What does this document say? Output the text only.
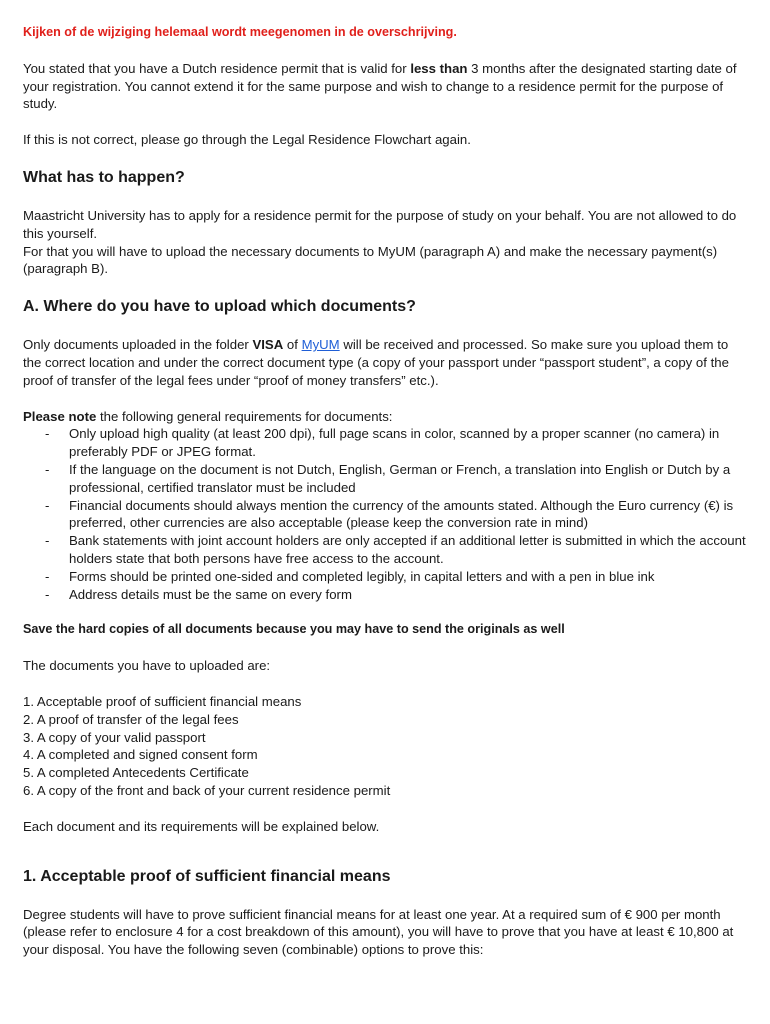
Kijken of de wijziging helemaal wordt meegenomen in de overschrijving.

You stated that you have a Dutch residence permit that is valid for less than 3 months after the designated starting date of your registration. You cannot extend it for the same purpose and wish to change to a residence permit for the purpose of study.

If this is not correct, please go through the Legal Residence Flowchart again.

What has to happen?

Maastricht University has to apply for a residence permit for the purpose of study on your behalf. You are not allowed to do this yourself.

For that you will have to upload the necessary documents to MyUM (paragraph A) and make the necessary payment(s) (paragraph B).

A. Where do you have to upload which documents?

Only documents uploaded in the folder VISA of MyUM will be received and processed. So make sure you upload them to the correct location and under the correct document type (a copy of your passport under “passport student”, a copy of the proof of transfer of the legal fees under “proof of money transfers” etc.).

Please note the following general requirements for documents:

- Only upload high quality (at least 200 dpi), full page scans in color, scanned by a proper scanner (no camera) in preferably PDF or JPEG format.
- If the language on the document is not Dutch, English, German or French, a translation into English or Dutch by a professional, certified translator must be included
- Financial documents should always mention the currency of the amounts stated. Although the Euro currency (€) is preferred, other currencies are also acceptable (please keep the conversion rate in mind)
- Bank statements with joint account holders are only accepted if an additional letter is submitted in which the account holders state that both persons have free access to the account.
- Forms should be printed one-sided and completed legibly, in capital letters and with a pen in blue ink
- Address details must be the same on every form

Save the hard copies of all documents because you may have to send the originals as well

The documents you have to uploaded are:

1. Acceptable proof of sufficient financial means
2. A proof of transfer of the legal fees
3. A copy of your valid passport
4. A completed and signed consent form
5. A completed Antecedents Certificate
6. A copy of the front and back of your current residence permit

Each document and its requirements will be explained below.

1. Acceptable proof of sufficient financial means

Degree students will have to prove sufficient financial means for at least one year. At a required sum of € 900 per month (please refer to enclosure 4 for a cost breakdown of this amount), you will have to prove that you have at least € 10,800 at your disposal. You have the following seven (combinable) options to prove this:
